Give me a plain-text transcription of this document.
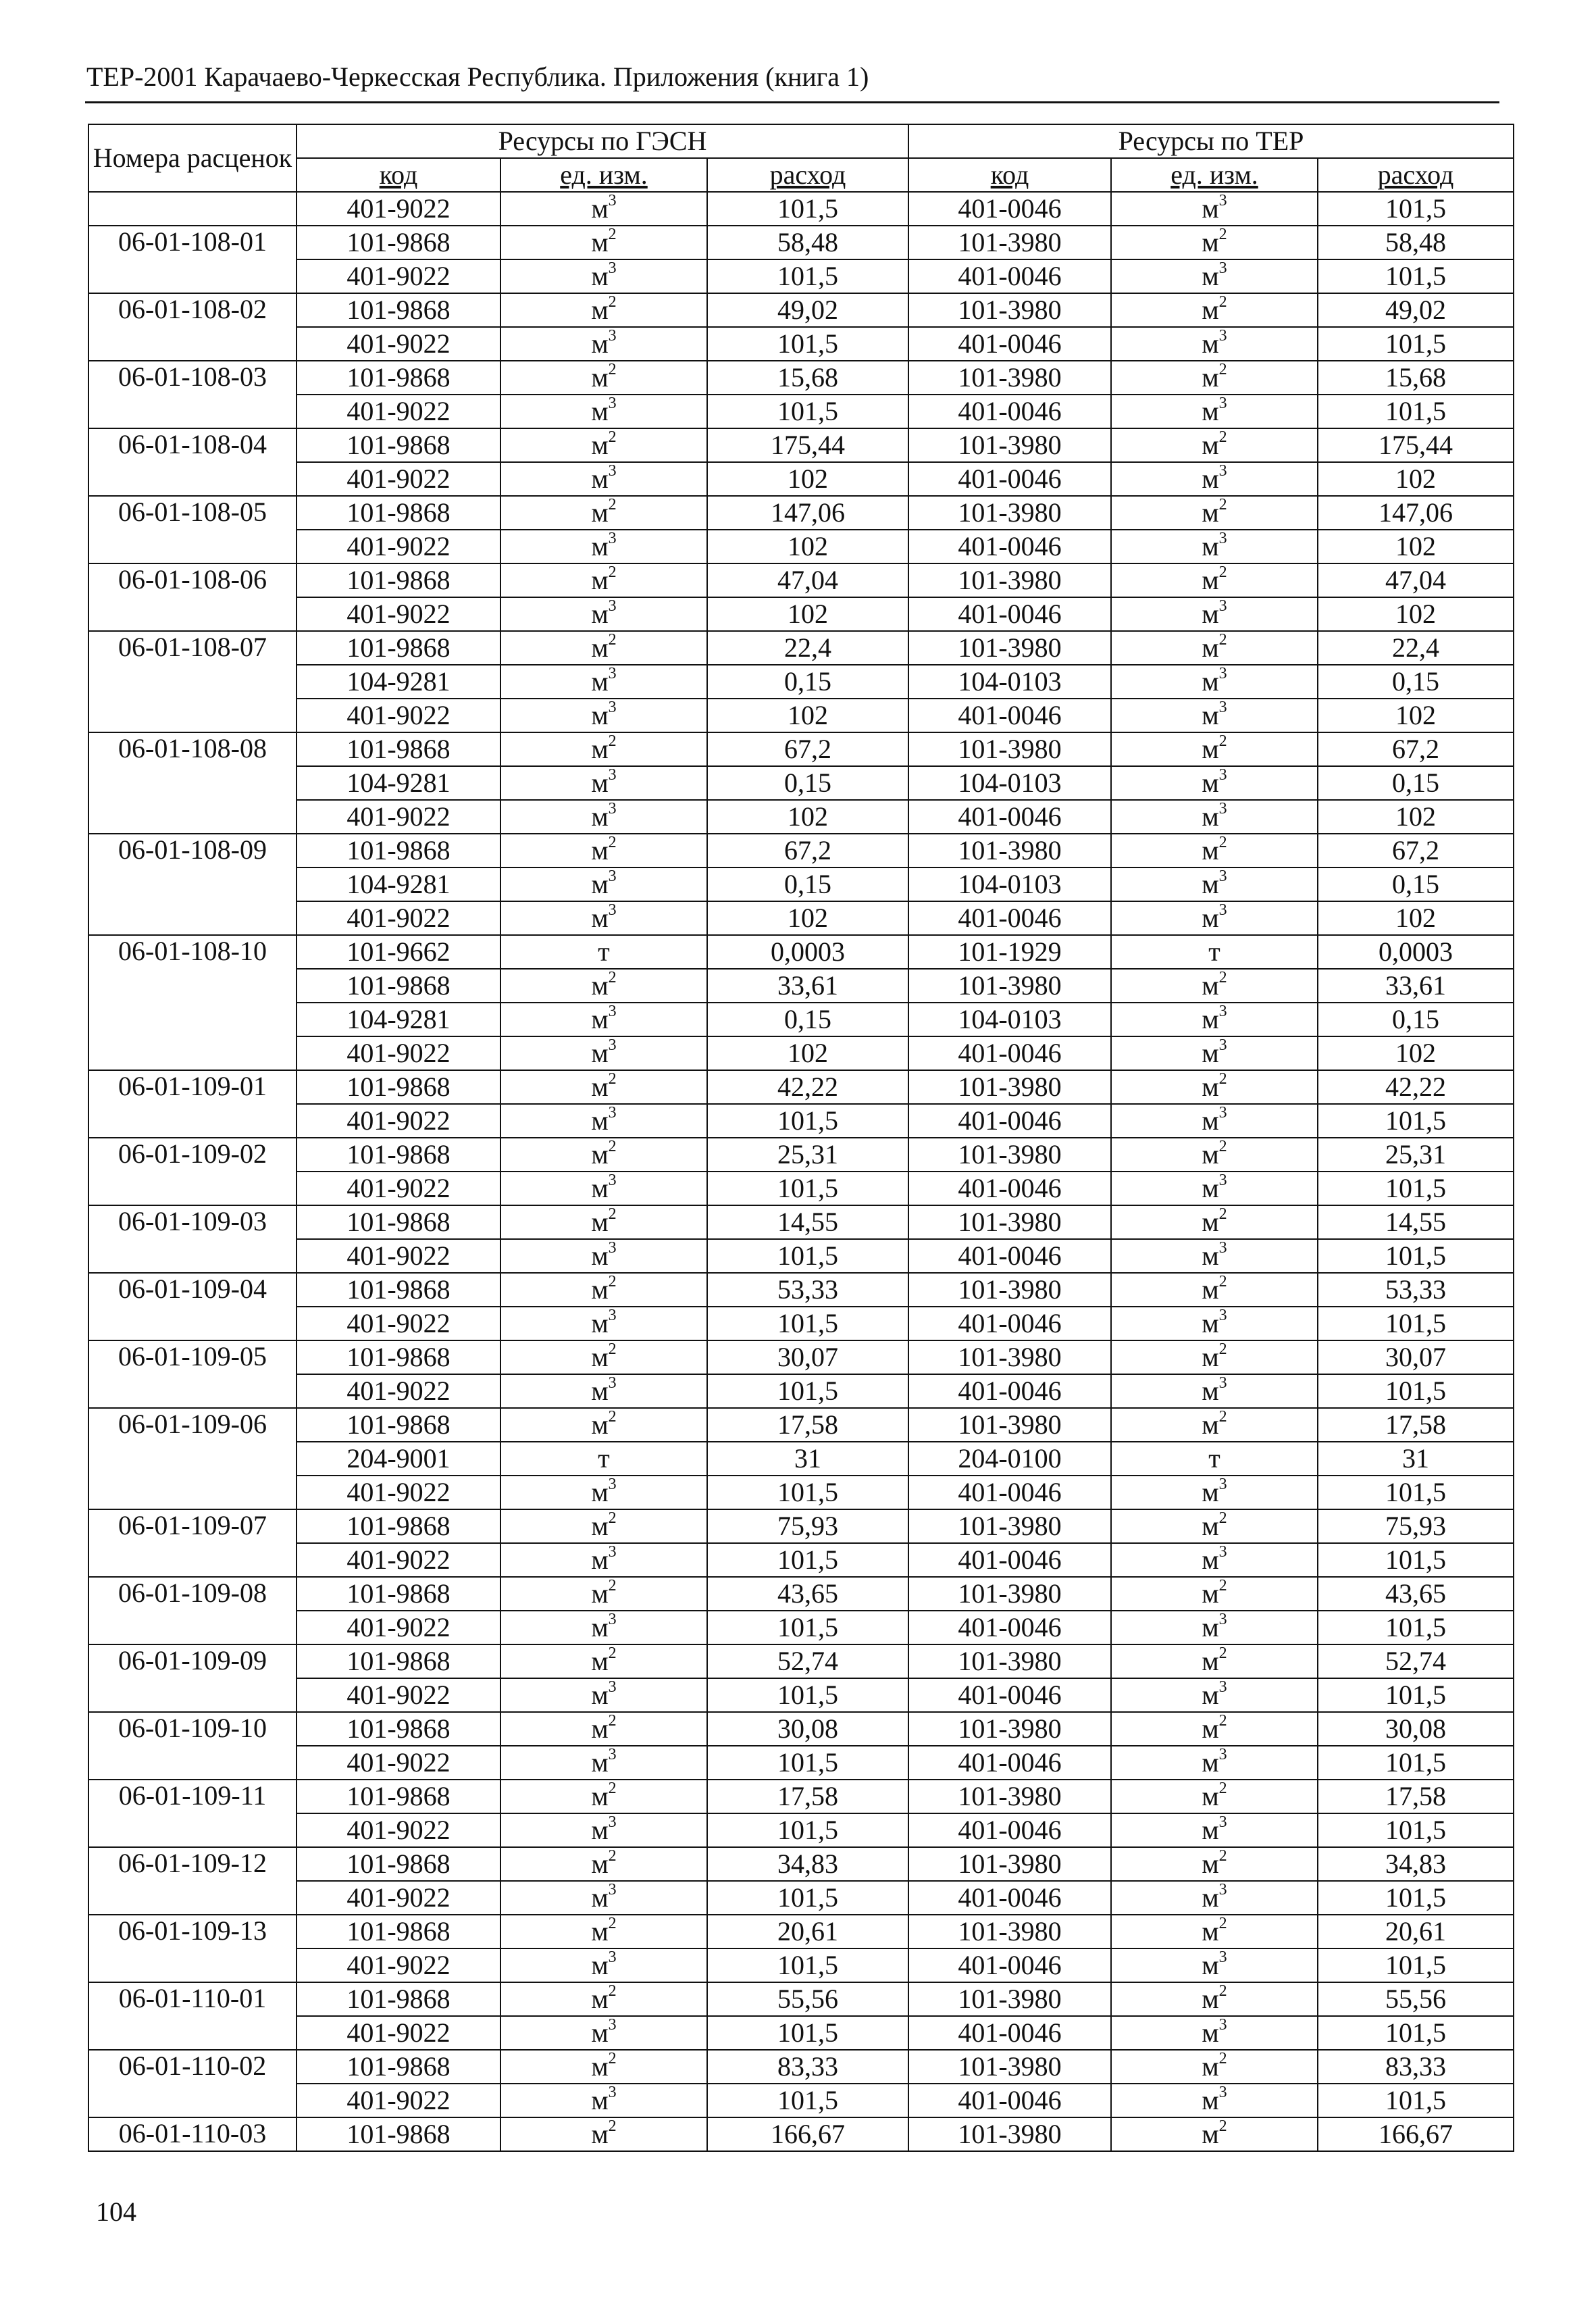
ТЕР-2001 Карачаево-Черкесская Республика. Приложения (книга 1)
Номера расценок	Ресурсы по ГЭСН			Ресурсы по ТЕР		
	код	ед. изм.	расход	код	ед. изм.	расход
	401-9022	$м^3$	101,5	401-0046	$м^3$	101,5
06-01-108-01	101-9868	$м^2$	58,48	101-3980	$м^2$	58,48
	401-9022	$м^3$	101,5	401-0046	$м^3$	101,5
06-01-108-02	101-9868	$м^2$	49,02	101-3980	$м^2$	49,02
	401-9022	$м^3$	101,5	401-0046	$м^3$	101,5
06-01-108-03	101-9868	$м^2$	15,68	101-3980	$м^2$	15,68
	401-9022	$м^3$	101,5	401-0046	$м^3$	101,5
06-01-108-04	101-9868	$м^2$	175,44	101-3980	$м^2$	175,44
	401-9022	$м^3$	102	401-0046	$м^3$	102
06-01-108-05	101-9868	$м^2$	147,06	101-3980	$м^2$	147,06
	401-9022	$м^3$	102	401-0046	$м^3$	102
06-01-108-06	101-9868	$м^2$	47,04	101-3980	$м^2$	47,04
	401-9022	$м^3$	102	401-0046	$м^3$	102
06-01-108-07	101-9868	$м^2$	22,4	101-3980	$м^2$	22,4
	104-9281	$м^3$	0,15	104-0103	$м^3$	0,15
	401-9022	$м^3$	102	401-0046	$м^3$	102
06-01-108-08	101-9868	$м^2$	67,2	101-3980	$м^2$	67,2
	104-9281	$м^3$	0,15	104-0103	$м^3$	0,15
	401-9022	$м^3$	102	401-0046	$м^3$	102
06-01-108-09	101-9868	$м^2$	67,2	101-3980	$м^2$	67,2
	104-9281	$м^3$	0,15	104-0103	$м^3$	0,15
	401-9022	$м^3$	102	401-0046	$м^3$	102
06-01-108-10	101-9662	т	0,0003	101-1929	т	0,0003
	101-9868	$м^2$	33,61	101-3980	$м^2$	33,61
	104-9281	$м^3$	0,15	104-0103	$м^3$	0,15
	401-9022	$м^3$	102	401-0046	$м^3$	102
06-01-109-01	101-9868	$м^2$	42,22	101-3980	$м^2$	42,22
	401-9022	$м^3$	101,5	401-0046	$м^3$	101,5
06-01-109-02	101-9868	$м^2$	25,31	101-3980	$м^2$	25,31
	401-9022	$м^3$	101,5	401-0046	$м^3$	101,5
06-01-109-03	101-9868	$м^2$	14,55	101-3980	$м^2$	14,55
	401-9022	$м^3$	101,5	401-0046	$м^3$	101,5
06-01-109-04	101-9868	$м^2$	53,33	101-3980	$м^2$	53,33
	401-9022	$м^3$	101,5	401-0046	$м^3$	101,5
06-01-109-05	101-9868	$м^2$	30,07	101-3980	$м^2$	30,07
	401-9022	$м^3$	101,5	401-0046	$м^3$	101,5
06-01-109-06	101-9868	$м^2$	17,58	101-3980	$м^2$	17,58
	204-9001	т	31	204-0100	т	31
	401-9022	$м^3$	101,5	401-0046	$м^3$	101,5
06-01-109-07	101-9868	$м^2$	75,93	101-3980	$м^2$	75,93
	401-9022	$м^3$	101,5	401-0046	$м^3$	101,5
06-01-109-08	101-9868	$м^2$	43,65	101-3980	$м^2$	43,65
	401-9022	$м^3$	101,5	401-0046	$м^3$	101,5
06-01-109-09	101-9868	$м^2$	52,74	101-3980	$м^2$	52,74
	401-9022	$м^3$	101,5	401-0046	$м^3$	101,5
06-01-109-10	101-9868	$м^2$	30,08	101-3980	$м^2$	30,08
	401-9022	$м^3$	101,5	401-0046	$м^3$	101,5
06-01-109-11	101-9868	$м^2$	17,58	101-3980	$м^2$	17,58
	401-9022	$м^3$	101,5	401-0046	$м^3$	101,5
06-01-109-12	101-9868	$м^2$	34,83	101-3980	$м^2$	34,83
	401-9022	$м^3$	101,5	401-0046	$м^3$	101,5
06-01-109-13	101-9868	$м^2$	20,61	101-3980	$м^2$	20,61
	401-9022	$м^3$	101,5	401-0046	$м^3$	101,5
06-01-110-01	101-9868	$м^2$	55,56	101-3980	$м^2$	55,56
	401-9022	$м^3$	101,5	401-0046	$м^3$	101,5
06-01-110-02	101-9868	$м^2$	83,33	101-3980	$м^2$	83,33
	401-9022	$м^3$	101,5	401-0046	$м^3$	101,5
06-01-110-03	101-9868	$м^2$	166,67	101-3980	$м^2$	166,67
104
